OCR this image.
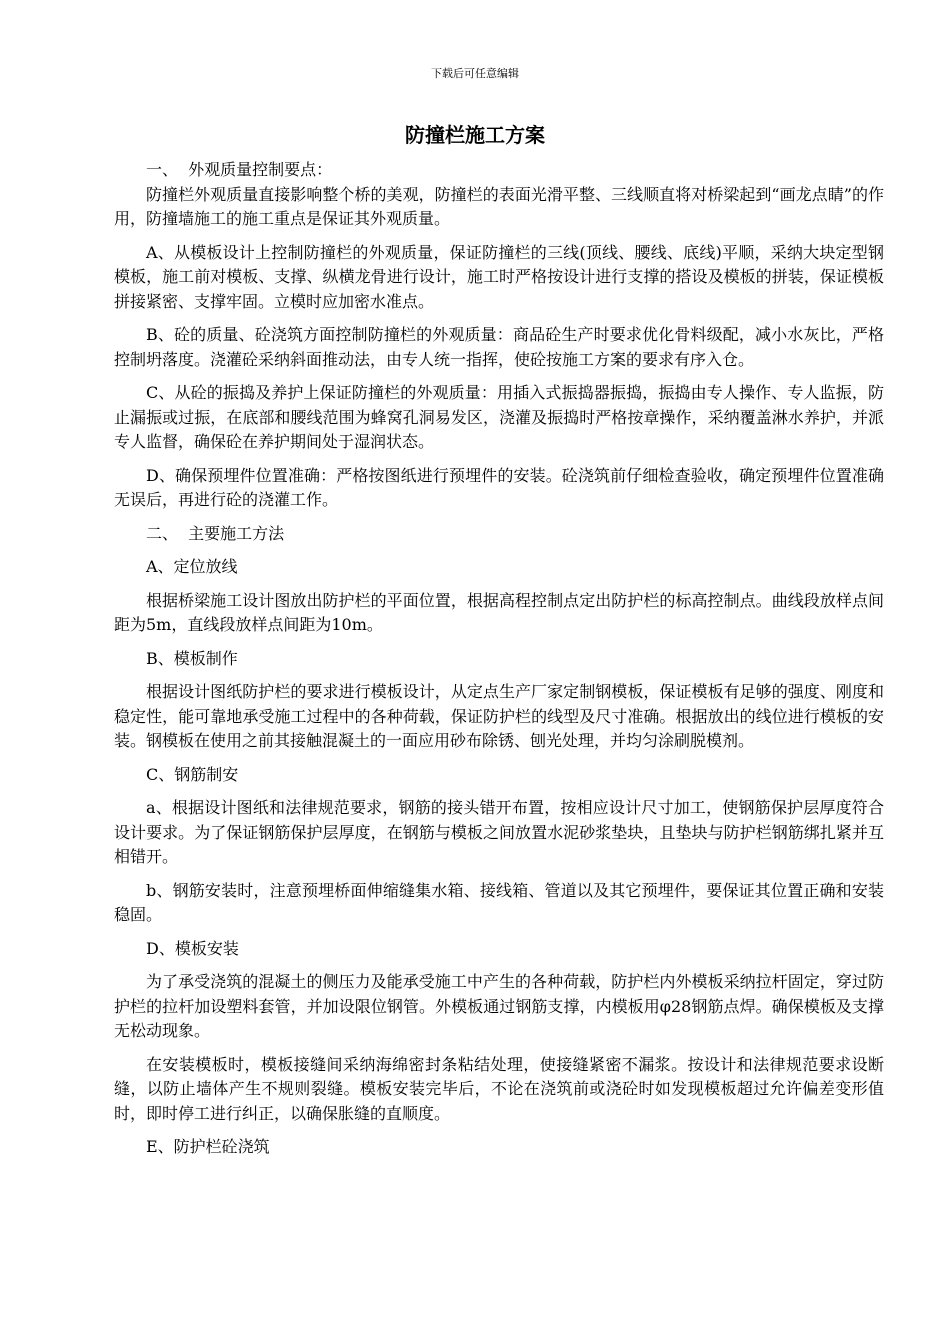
下载后可任意编辑
防撞栏施工方案

一、  外观质量控制要点：

防撞栏外观质量直接影响整个桥的美观，防撞栏的表面光滑平整、三线顺直将对桥梁起到“画龙点睛”的作用，防撞墙施工的施工重点是保证其外观质量。

A、从模板设计上控制防撞栏的外观质量，保证防撞栏的三线(顶线、腰线、底线)平顺，采纳大块定型钢模板，施工前对模板、支撑、纵横龙骨进行设计，施工时严格按设计进行支撑的搭设及模板的拼装，保证模板拼接紧密、支撑牢固。立模时应加密水准点。

B、砼的质量、砼浇筑方面控制防撞栏的外观质量：商品砼生产时要求优化骨料级配，减小水灰比，严格控制坍落度。浇灌砼采纳斜面推动法，由专人统一指挥，使砼按施工方案的要求有序入仓。

C、从砼的振捣及养护上保证防撞栏的外观质量：用插入式振捣器振捣，振捣由专人操作、专人监振，防止漏振或过振，在底部和腰线范围为蜂窝孔洞易发区，浇灌及振捣时严格按章操作，采纳覆盖淋水养护，并派专人监督，确保砼在养护期间处于湿润状态。

D、确保预埋件位置准确：严格按图纸进行预埋件的安装。砼浇筑前仔细检查验收，确定预埋件位置准确无误后，再进行砼的浇灌工作。

二、  主要施工方法

A、定位放线

根据桥梁施工设计图放出防护栏的平面位置，根据高程控制点定出防护栏的标高控制点。曲线段放样点间距为5m，直线段放样点间距为10m。

B、模板制作

根据设计图纸防护栏的要求进行模板设计，从定点生产厂家定制钢模板，保证模板有足够的强度、刚度和稳定性，能可靠地承受施工过程中的各种荷载，保证防护栏的线型及尺寸准确。根据放出的线位进行模板的安装。钢模板在使用之前其接触混凝土的一面应用砂布除锈、刨光处理，并均匀涂刷脱模剂。

C、钢筋制安

a、根据设计图纸和法律规范要求，钢筋的接头错开布置，按相应设计尺寸加工，使钢筋保护层厚度符合设计要求。为了保证钢筋保护层厚度，在钢筋与模板之间放置水泥砂浆垫块，且垫块与防护栏钢筋绑扎紧并互相错开。

b、钢筋安装时，注意预埋桥面伸缩缝集水箱、接线箱、管道以及其它预埋件，要保证其位置正确和安装稳固。

D、模板安装

为了承受浇筑的混凝土的侧压力及能承受施工中产生的各种荷载，防护栏内外模板采纳拉杆固定，穿过防护栏的拉杆加设塑料套管，并加设限位钢管。外模板通过钢筋支撑，内模板用φ28钢筋点焊。确保模板及支撑无松动现象。

在安装模板时，模板接缝间采纳海绵密封条粘结处理，使接缝紧密不漏浆。按设计和法律规范要求设断缝，以防止墙体产生不规则裂缝。模板安装完毕后，不论在浇筑前或浇砼时如发现模板超过允许偏差变形值时，即时停工进行纠正，以确保胀缝的直顺度。

E、防护栏砼浇筑
